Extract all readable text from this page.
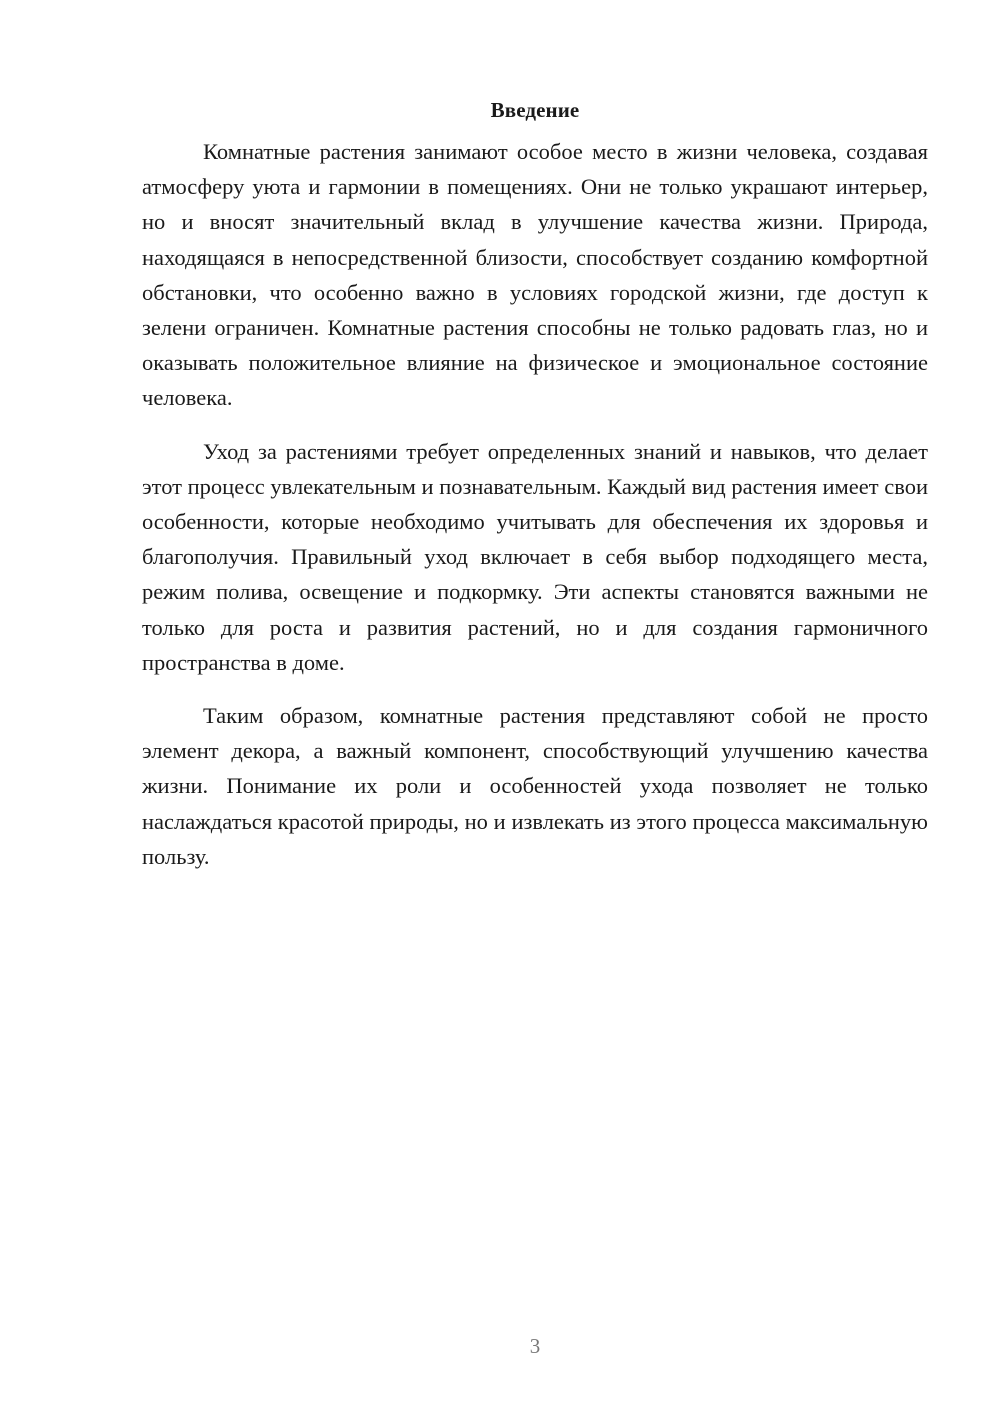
Введение

Комнатные растения занимают особое место в жизни человека, создавая атмосферу уюта и гармонии в помещениях. Они не только украшают интерьер, но и вносят значительный вклад в улучшение качества жизни. Природа, находящаяся в непосредственной близости, способствует созданию комфортной обстановки, что особенно важно в условиях городской жизни, где доступ к зелени ограничен. Комнатные растения способны не только радовать глаз, но и оказывать положительное влияние на физическое и эмоциональное состояние человека.

Уход за растениями требует определенных знаний и навыков, что делает этот процесс увлекательным и познавательным. Каждый вид растения имеет свои особенности, которые необходимо учитывать для обеспечения их здоровья и благополучия. Правильный уход включает в себя выбор подходящего места, режим полива, освещение и подкормку. Эти аспекты становятся важными не только для роста и развития растений, но и для создания гармоничного пространства в доме.

Таким образом, комнатные растения представляют собой не просто элемент декора, а важный компонент, способствующий улучшению качества жизни. Понимание их роли и особенностей ухода позволяет не только наслаждаться красотой природы, но и извлекать из этого процесса максимальную пользу.

3
